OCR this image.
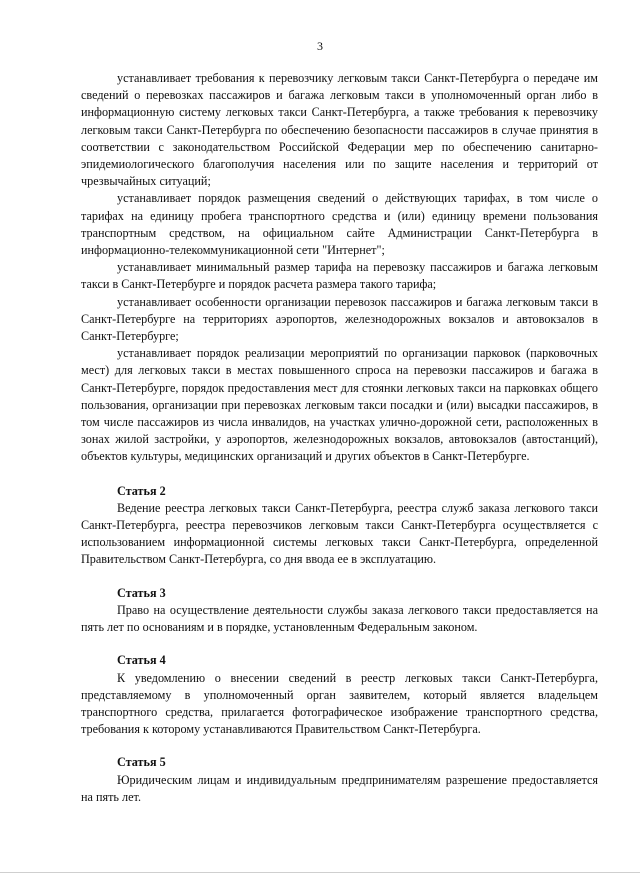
3

устанавливает требования к перевозчику легковым такси Санкт-Петербурга о передаче им сведений о перевозках пассажиров и багажа легковым такси в уполномоченный орган либо в информационную систему легковых такси Санкт-Петербурга, а также требования к перевозчику легковым такси Санкт-Петербурга по обеспечению безопасности пассажиров в случае принятия в соответствии с законодательством Российской Федерации мер по обеспечению санитарно-эпидемиологического благополучия населения или по защите населения и территорий от чрезвычайных ситуаций;

устанавливает порядок размещения сведений о действующих тарифах, в том числе о тарифах на единицу пробега транспортного средства и (или) единицу времени пользования транспортным средством, на официальном сайте Администрации Санкт-Петербурга в информационно-телекоммуникационной сети "Интернет";

устанавливает минимальный размер тарифа на перевозку пассажиров и багажа легковым такси в Санкт-Петербурге и порядок расчета размера такого тарифа;

устанавливает особенности организации перевозок пассажиров и багажа легковым такси в Санкт-Петербурге на территориях аэропортов, железнодорожных вокзалов и автовокзалов в Санкт-Петербурге;

устанавливает порядок реализации мероприятий по организации парковок (парковочных мест) для легковых такси в местах повышенного спроса на перевозки пассажиров и багажа в Санкт-Петербурге, порядок предоставления мест для стоянки легковых такси на парковках общего пользования, организации при перевозках легковым такси посадки и (или) высадки пассажиров, в том числе пассажиров из числа инвалидов, на участках улично-дорожной сети, расположенных в зонах жилой застройки, у аэропортов, железнодорожных вокзалов, автовокзалов (автостанций), объектов культуры, медицинских организаций и других объектов в Санкт-Петербурге.

Статья 2

Ведение реестра легковых такси Санкт-Петербурга, реестра служб заказа легкового такси Санкт-Петербурга, реестра перевозчиков легковым такси Санкт-Петербурга осуществляется с использованием информационной системы легковых такси Санкт-Петербурга, определенной Правительством Санкт-Петербурга, со дня ввода ее в эксплуатацию.

Статья 3

Право на осуществление деятельности службы заказа легкового такси предоставляется на пять лет по основаниям и в порядке, установленным Федеральным законом.

Статья 4

К уведомлению о внесении сведений в реестр легковых такси Санкт-Петербурга, представляемому в уполномоченный орган заявителем, который является владельцем транспортного средства, прилагается фотографическое изображение транспортного средства, требования к которому устанавливаются Правительством Санкт-Петербурга.

Статья 5

Юридическим лицам и индивидуальным предпринимателям разрешение предоставляется на пять лет.
